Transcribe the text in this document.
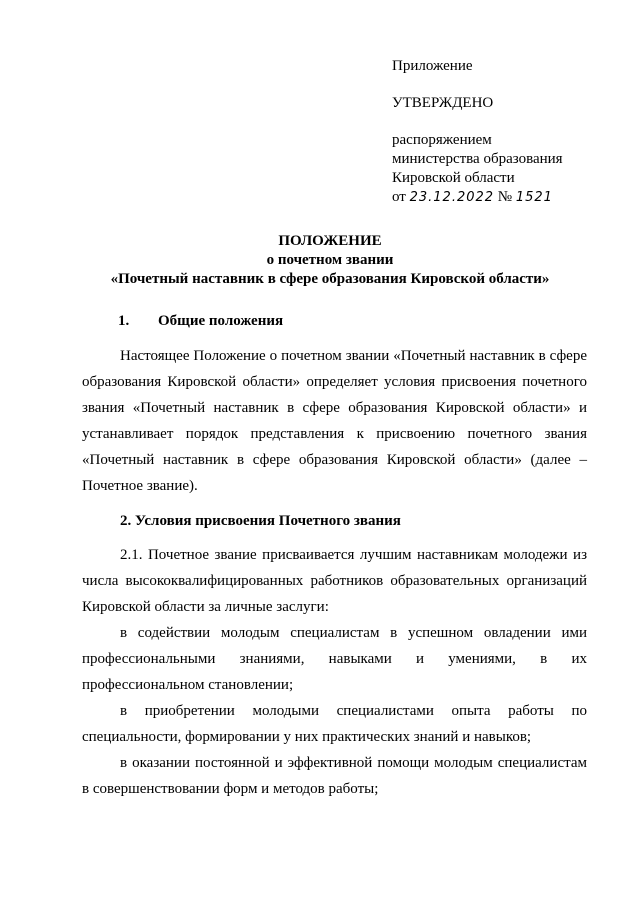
Приложение
УТВЕРЖДЕНО
распоряжением
министерства образования
Кировской области
от 23.12.2022 № 1521
ПОЛОЖЕНИЕ
о почетном звании
«Почетный наставник в сфере образования Кировской области»
1. Общие положения

Настоящее Положение о почетном звании «Почетный наставник в сфере образования Кировской области» определяет условия присвоения почетного звания «Почетный наставник в сфере образования Кировской области» и устанавливает порядок представления к присвоению почетного звания «Почетный наставник в сфере образования Кировской области» (далее – Почетное звание).

2. Условия присвоения Почетного звания

2.1. Почетное звание присваивается лучшим наставникам молодежи из числа высококвалифицированных работников образовательных организаций Кировской области за личные заслуги:

в содействии молодым специалистам в успешном овладении ими профессиональными знаниями, навыками и умениями, в их профессиональном становлении;

в приобретении молодыми специалистами опыта работы по специальности, формировании у них практических знаний и навыков;

в оказании постоянной и эффективной помощи молодым специалистам в совершенствовании форм и методов работы;
